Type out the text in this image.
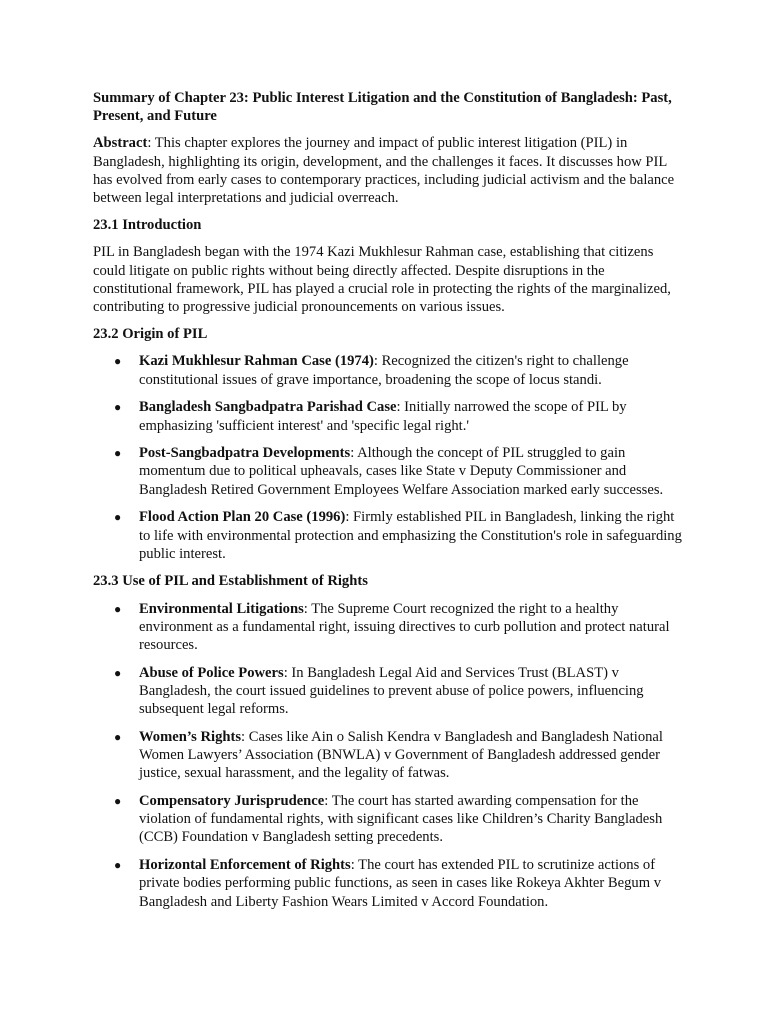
Summary of Chapter 23: Public Interest Litigation and the Constitution of Bangladesh: Past, Present, and Future

Abstract: This chapter explores the journey and impact of public interest litigation (PIL) in Bangladesh, highlighting its origin, development, and the challenges it faces. It discusses how PIL has evolved from early cases to contemporary practices, including judicial activism and the balance between legal interpretations and judicial overreach.

23.1 Introduction

PIL in Bangladesh began with the 1974 Kazi Mukhlesur Rahman case, establishing that citizens could litigate on public rights without being directly affected. Despite disruptions in the constitutional framework, PIL has played a crucial role in protecting the rights of the marginalized, contributing to progressive judicial pronouncements on various issues.

23.2 Origin of PIL
● Kazi Mukhlesur Rahman Case (1974): Recognized the citizen's right to challenge constitutional issues of grave importance, broadening the scope of locus standi.
● Bangladesh Sangbadpatra Parishad Case: Initially narrowed the scope of PIL by emphasizing 'sufficient interest' and 'specific legal right.'
● Post-Sangbadpatra Developments: Although the concept of PIL struggled to gain momentum due to political upheavals, cases like State v Deputy Commissioner and Bangladesh Retired Government Employees Welfare Association marked early successes.
● Flood Action Plan 20 Case (1996): Firmly established PIL in Bangladesh, linking the right to life with environmental protection and emphasizing the Constitution's role in safeguarding public interest.
23.3 Use of PIL and Establishment of Rights
● Environmental Litigations: The Supreme Court recognized the right to a healthy environment as a fundamental right, issuing directives to curb pollution and protect natural resources.
● Abuse of Police Powers: In Bangladesh Legal Aid and Services Trust (BLAST) v Bangladesh, the court issued guidelines to prevent abuse of police powers, influencing subsequent legal reforms.
● Women’s Rights: Cases like Ain o Salish Kendra v Bangladesh and Bangladesh National Women Lawyers’ Association (BNWLA) v Government of Bangladesh addressed gender justice, sexual harassment, and the legality of fatwas.
● Compensatory Jurisprudence: The court has started awarding compensation for the violation of fundamental rights, with significant cases like Children’s Charity Bangladesh (CCB) Foundation v Bangladesh setting precedents.
● Horizontal Enforcement of Rights: The court has extended PIL to scrutinize actions of private bodies performing public functions, as seen in cases like Rokeya Akhter Begum v Bangladesh and Liberty Fashion Wears Limited v Accord Foundation.
